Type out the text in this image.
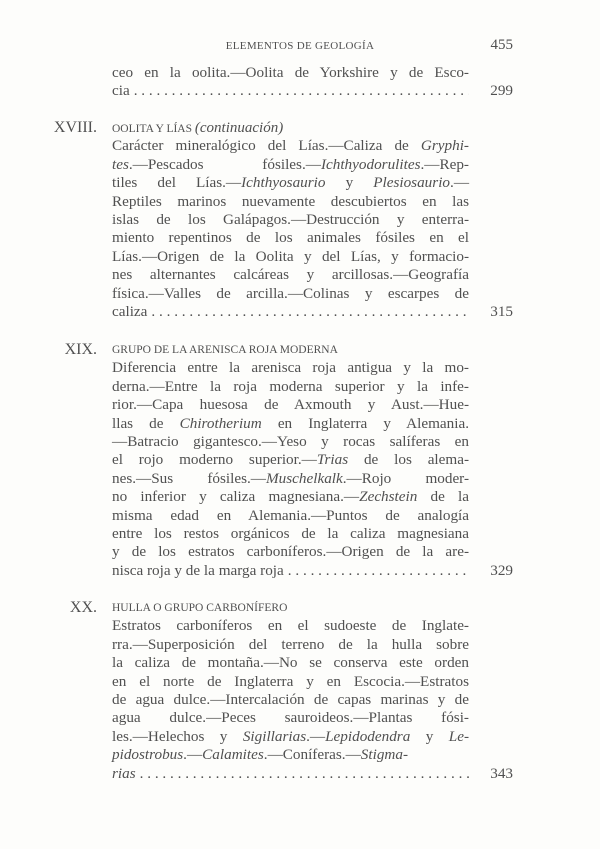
ELEMENTOS DE GEOLOGÍA	455
ceo en la oolita.—Oolita de Yorkshire y de Esco-
299
cia
. . .
XVIII. OOLITA Y LÍAS (continuación)
Carácter mineralógico del Lías.—Caliza de Gryphi-
tes.—Pescados fósiles.—Ichthyodorulites.—Rep-
tiles del Lías.—Ichthyosaurio y Plesiosaurio.—
Reptiles marinos nuevamente descubiertos en las
islas de los Galápagos.—Destrucción y enterra-
miento repentinos de los animales fósiles en el
Lías.—Origen de la Oolita y del Lías, y formacio-
nes alternantes calcáreas y arcillosas.—Geografía
física.—Valles de arcilla.—Colinas y escarpes de
315
caliza
. . .
XIX. GRUPO DE LA ARENISCA ROJA MODERNA
Diferencia entre la arenisca roja antigua y la mo-
derna.—Entre la roja moderna superior y la infe-
rior.—Capa huesosa de Axmouth y Aust.—Hue-
llas de Chirotherium en Inglaterra y Alemania.
—Batracio gigantesco.—Yeso y rocas salíferas en
el rojo moderno superior.—Trias de los alema-
nes.—Sus fósiles.—Muschelkalk.—Rojo moder-
no inferior y caliza magnesiana.—Zechstein de la
misma edad en Alemania.—Puntos de analogía
entre los restos orgánicos de la caliza magnesiana
y de los estratos carboníferos.—Origen de la are-
329
nisca roja y de la marga roja
. . .
XX. HULLA O GRUPO CARBONÍFERO
Estratos carboníferos en el sudoeste de Inglate-
rra.—Superposición del terreno de la hulla sobre
la caliza de montaña.—No se conserva este orden
en el norte de Inglaterra y en Escocia.—Estratos
de agua dulce.—Intercalación de capas marinas y de
agua dulce.—Peces sauroideos.—Plantas fósi-
les.—Helechos y Sigillarias.—Lepidodendra y Le-
pidostrobus.—Calamites.—Coníferas.—Stigma-
343
rias
. . .
